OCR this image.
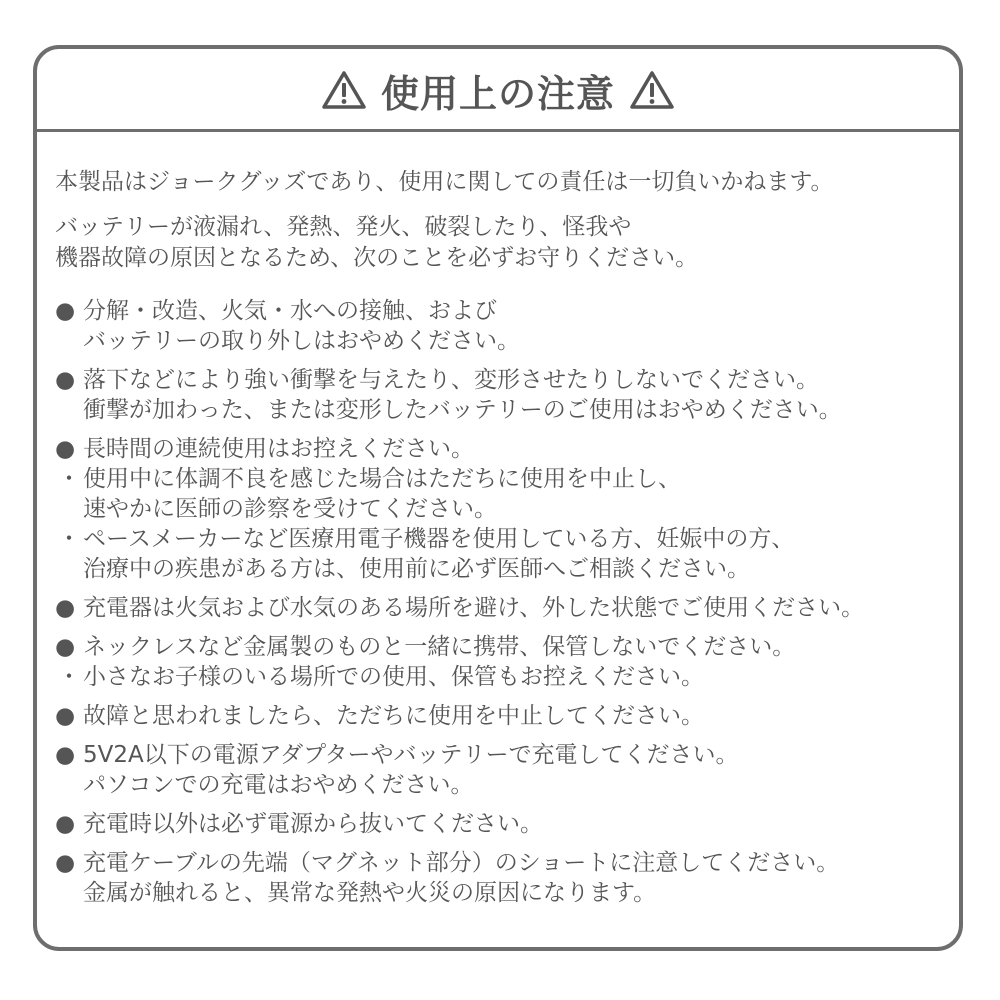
使用上の注意
本製品はジョークグッズであり、使用に関しての責任は一切負いかねます。
バッテリーが液漏れ、発熱、発火、破裂したり、怪我や
機器故障の原因となるため、次のことを必ずお守りください。
● 分解・改造、火気・水への接触、および
バッテリーの取り外しはおやめください。
● 落下などにより強い衝撃を与えたり、変形させたりしないでください。
衝撃が加わった、または変形したバッテリーのご使用はおやめください。
● 長時間の連続使用はお控えください。
・ 使用中に体調不良を感じた場合はただちに使用を中止し、
速やかに医師の診察を受けてください。
・ ペースメーカーなど医療用電子機器を使用している方、妊娠中の方、
治療中の疾患がある方は、使用前に必ず医師へご相談ください。
● 充電器は火気および水気のある場所を避け、外した状態でご使用ください。
● ネックレスなど金属製のものと一緒に携帯、保管しないでください。
・ 小さなお子様のいる場所での使用、保管もお控えください。
● 故障と思われましたら、ただちに使用を中止してください。
● 5V2A以下の電源アダプターやバッテリーで充電してください。
パソコンでの充電はおやめください。
● 充電時以外は必ず電源から抜いてください。
● 充電ケーブルの先端（マグネット部分）のショートに注意してください。
金属が触れると、異常な発熱や火災の原因になります。
